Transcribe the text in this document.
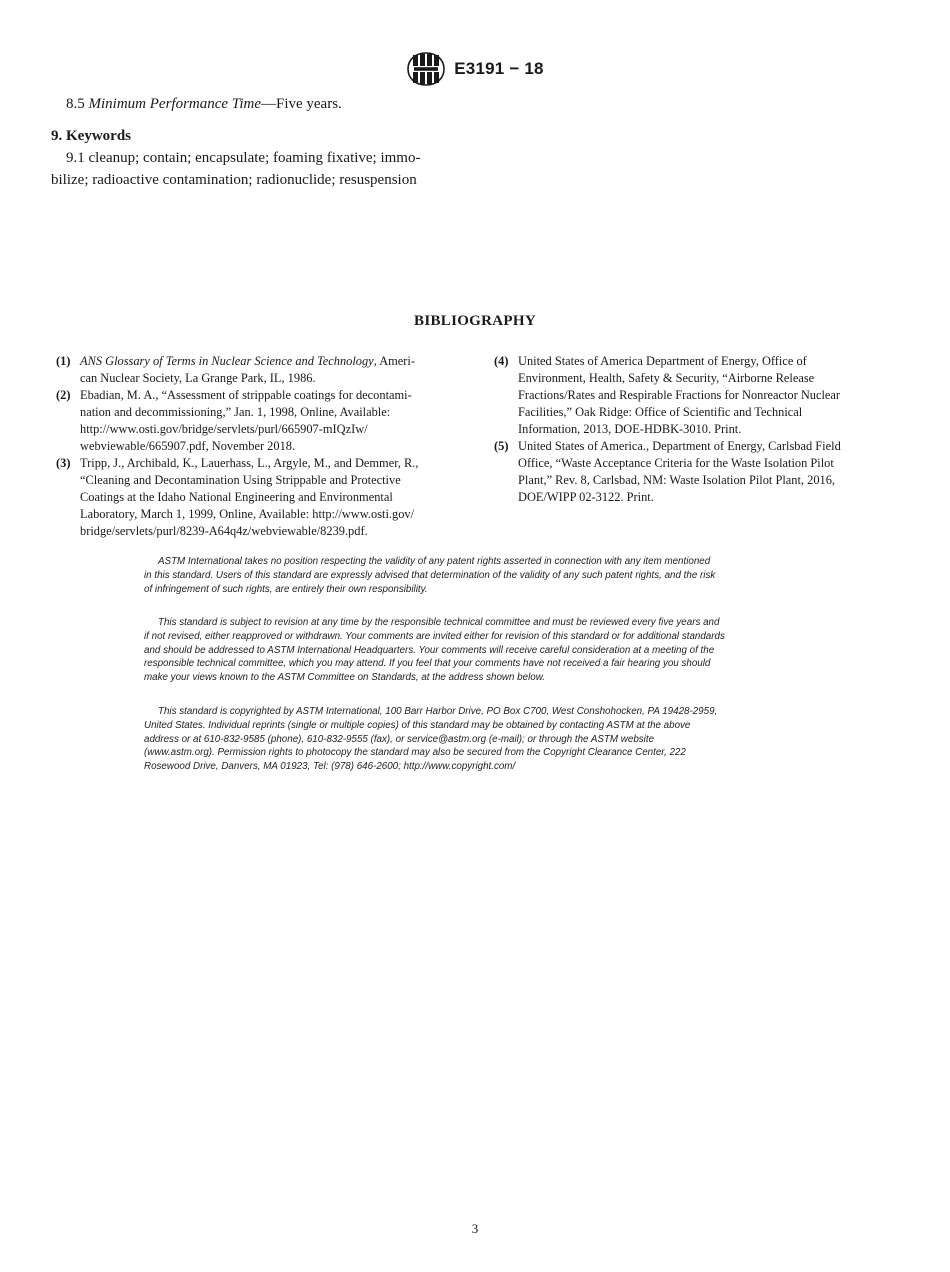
E3191 − 18
8.5 Minimum Performance Time—Five years.
9. Keywords
9.1 cleanup; contain; encapsulate; foaming fixative; immo-
bilize; radioactive contamination; radionuclide; resuspension
BIBLIOGRAPHY
(1) ANS Glossary of Terms in Nuclear Science and Technology, Ameri-
can Nuclear Society, La Grange Park, IL, 1986.
(2) Ebadian, M. A., “Assessment of strippable coatings for decontami-
nation and decommissioning,” Jan. 1, 1998, Online, Available:
http://www.osti.gov/bridge/servlets/purl/665907-mIQzIw/
webviewable/665907.pdf, November 2018.
(3) Tripp, J., Archibald, K., Lauerhass, L., Argyle, M., and Demmer, R.,
“Cleaning and Decontamination Using Strippable and Protective
Coatings at the Idaho National Engineering and Environmental
Laboratory, March 1, 1999, Online, Available: http://www.osti.gov/
bridge/servlets/purl/8239-A64q4z/webviewable/8239.pdf.
(4) United States of America Department of Energy, Office of
Environment, Health, Safety & Security, “Airborne Release
Fractions/Rates and Respirable Fractions for Nonreactor Nuclear
Facilities,” Oak Ridge: Office of Scientific and Technical
Information, 2013, DOE-HDBK-3010. Print.
(5) United States of America., Department of Energy, Carlsbad Field
Office, “Waste Acceptance Criteria for the Waste Isolation Pilot
Plant,” Rev. 8, Carlsbad, NM: Waste Isolation Pilot Plant, 2016,
DOE/WIPP 02-3122. Print.
ASTM International takes no position respecting the validity of any patent rights asserted in connection with any item mentioned
in this standard. Users of this standard are expressly advised that determination of the validity of any such patent rights, and the risk
of infringement of such rights, are entirely their own responsibility.
This standard is subject to revision at any time by the responsible technical committee and must be reviewed every five years and
if not revised, either reapproved or withdrawn. Your comments are invited either for revision of this standard or for additional standards
and should be addressed to ASTM International Headquarters. Your comments will receive careful consideration at a meeting of the
responsible technical committee, which you may attend. If you feel that your comments have not received a fair hearing you should
make your views known to the ASTM Committee on Standards, at the address shown below.
This standard is copyrighted by ASTM International, 100 Barr Harbor Drive, PO Box C700, West Conshohocken, PA 19428-2959,
United States. Individual reprints (single or multiple copies) of this standard may be obtained by contacting ASTM at the above
address or at 610-832-9585 (phone), 610-832-9555 (fax), or service@astm.org (e-mail); or through the ASTM website
(www.astm.org). Permission rights to photocopy the standard may also be secured from the Copyright Clearance Center, 222
Rosewood Drive, Danvers, MA 01923, Tel: (978) 646-2600; http://www.copyright.com/
3
